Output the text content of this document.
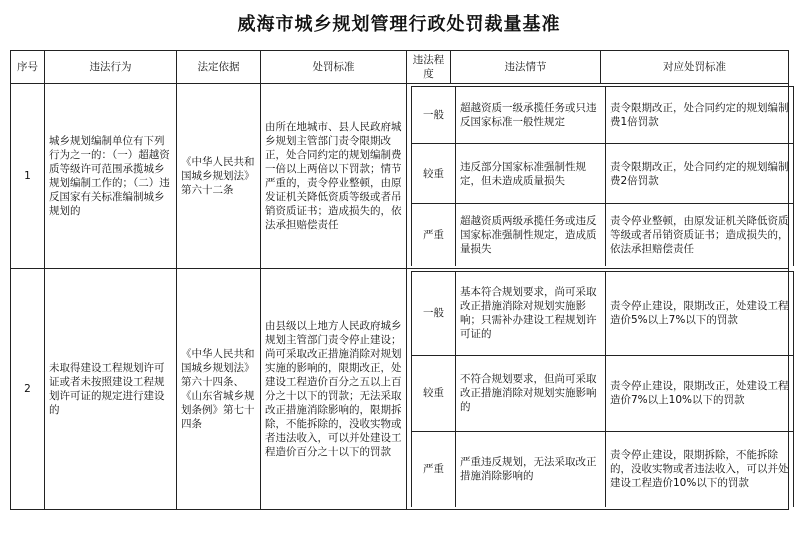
威海市城乡规划管理行政处罚裁量基准
序号	违法行为	法定依据	处罚标准	违法程度	违法情节	对应处罚标准
1	城乡规划编制单位有下列行为之一的：（一）超越资质等级许可范围承揽城乡规划编制工作的；（二）违反国家有关标准编制城乡规划的	《中华人民共和国城乡规划法》第六十二条	由所在地城市、县人民政府城乡规划主管部门责令限期改正，处合同约定的规划编制费一倍以上两倍以下罚款；情节严重的，责令停业整顿，由原发证机关降低资质等级或者吊销资质证书；造成损失的，依法承担赔偿责任	
一般	超越资质一级承揽任务或只违反国家标准一般性规定	责令限期改正，处合同约定的规划编制费1倍罚款
较重	违反部分国家标准强制性规定，但未造成质量损失	责令限期改正，处合同约定的规划编制费2倍罚款
严重	超越资质两级承揽任务或违反国家标准强制性规定，造成质量损失	责令停业整顿，由原发证机关降低资质等级或者吊销资质证书；造成损失的，依法承担赔偿责任

2	未取得建设工程规划许可证或者未按照建设工程规划许可证的规定进行建设的	《中华人民共和国城乡规划法》第六十四条、《山东省城乡规划条例》第七十四条	由县级以上地方人民政府城乡规划主管部门责令停止建设；尚可采取改正措施消除对规划实施的影响的，限期改正，处建设工程造价百分之五以上百分之十以下的罚款；无法采取改正措施消除影响的，限期拆除，不能拆除的，没收实物或者违法收入，可以并处建设工程造价百分之十以下的罚款	
一般	基本符合规划要求，尚可采取改正措施消除对规划实施影响；只需补办建设工程规划许可证的	责令停止建设，限期改正，处建设工程造价5%以上7%以下的罚款
较重	不符合规划要求，但尚可采取改正措施消除对规划实施影响的	责令停止建设，限期改正，处建设工程造价7%以上10%以下的罚款
严重	严重违反规划，无法采取改正措施消除影响的	责令停止建设，限期拆除，不能拆除的，没收实物或者违法收入，可以并处建设工程造价10%以下的罚款
